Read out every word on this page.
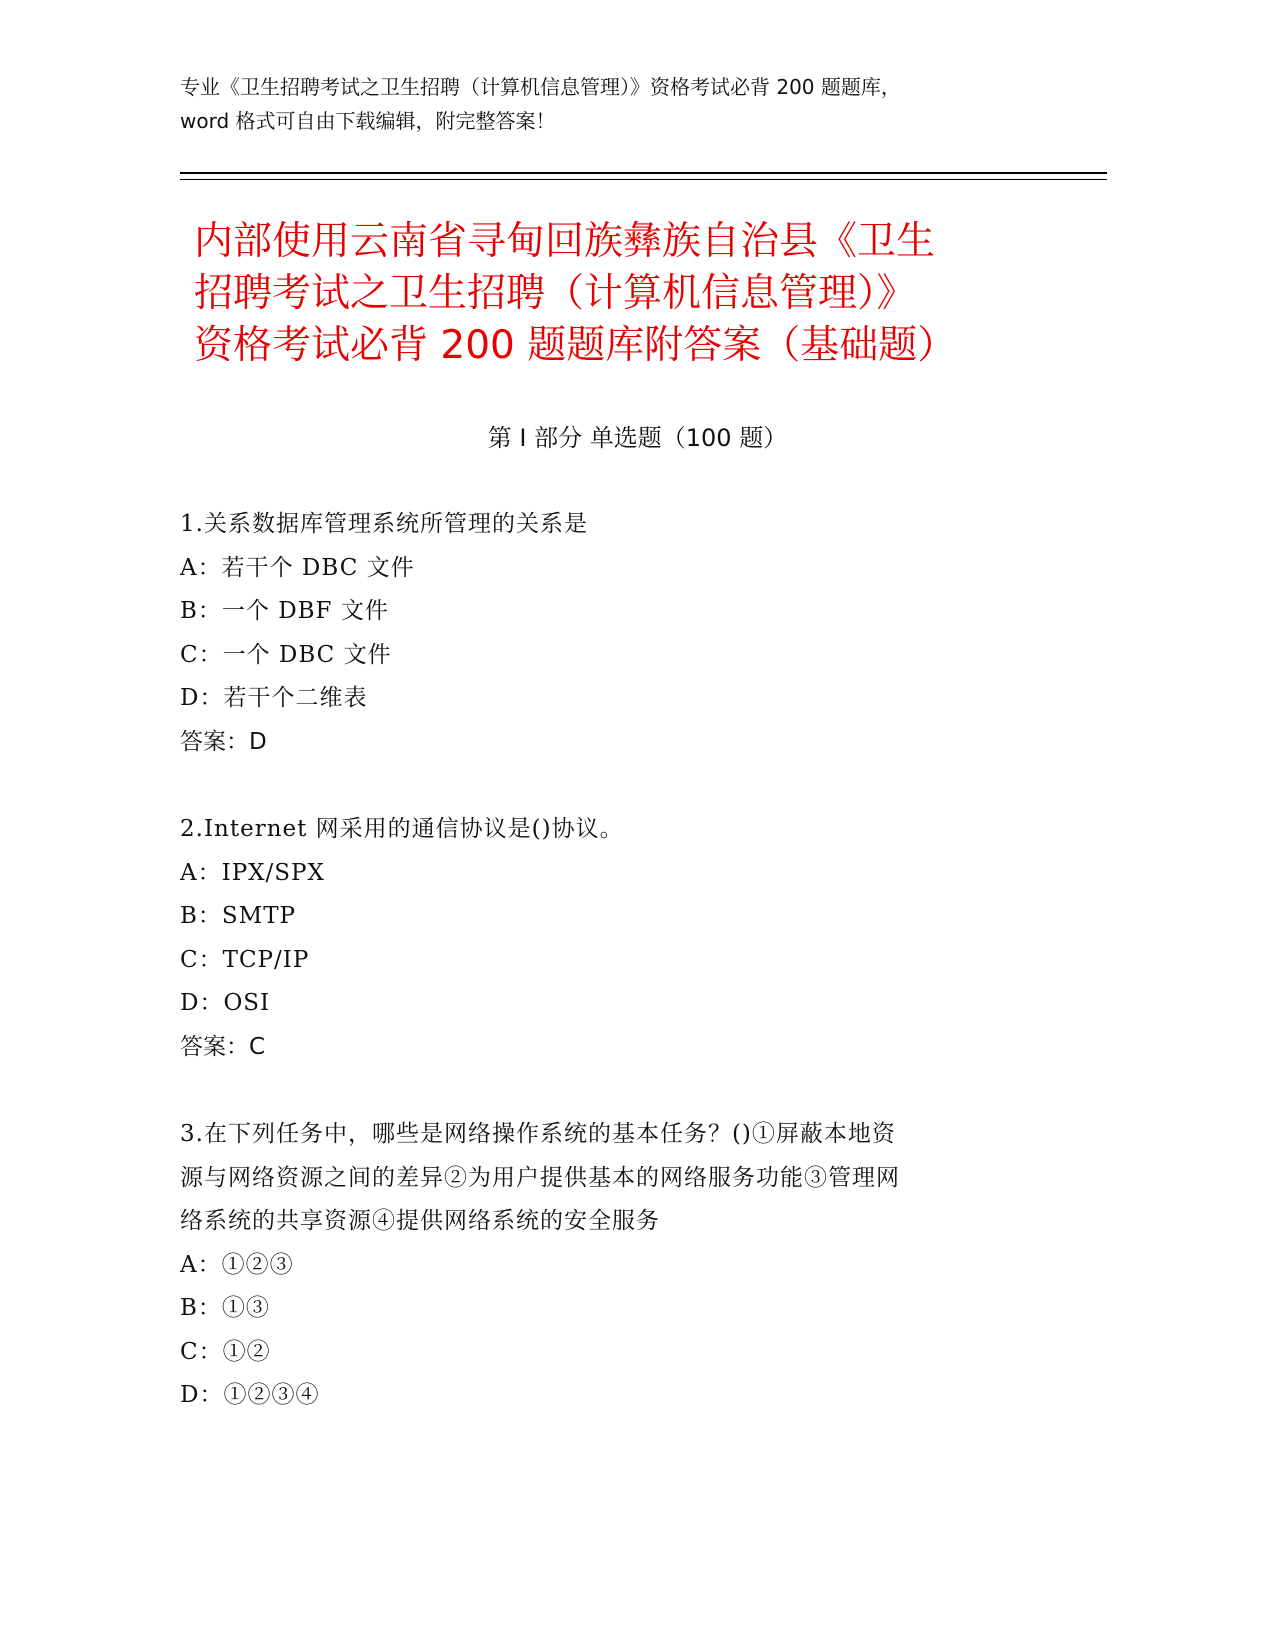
专业《卫生招聘考试之卫生招聘（计算机信息管理）》资格考试必背 200 题题库，
word 格式可自由下载编辑，附完整答案！
内部使用云南省寻甸回族彝族自治县《卫生
招聘考试之卫生招聘（计算机信息管理）》
资格考试必背 200 题题库附答案（基础题）
第 I 部分 单选题（100 题）
1.关系数据库管理系统所管理的关系是
A：若干个 DBC 文件
B：一个 DBF 文件
C：一个 DBC 文件
D：若干个二维表
答案：D
2.Internet 网采用的通信协议是()协议。
A：IPX/SPX
B：SMTP
C：TCP/IP
D：OSI
答案：C
3.在下列任务中，哪些是网络操作系统的基本任务？()①屏蔽本地资
源与网络资源之间的差异②为用户提供基本的网络服务功能③管理网
络系统的共享资源④提供网络系统的安全服务
A：①②③
B：①③
C：①②
D：①②③④
